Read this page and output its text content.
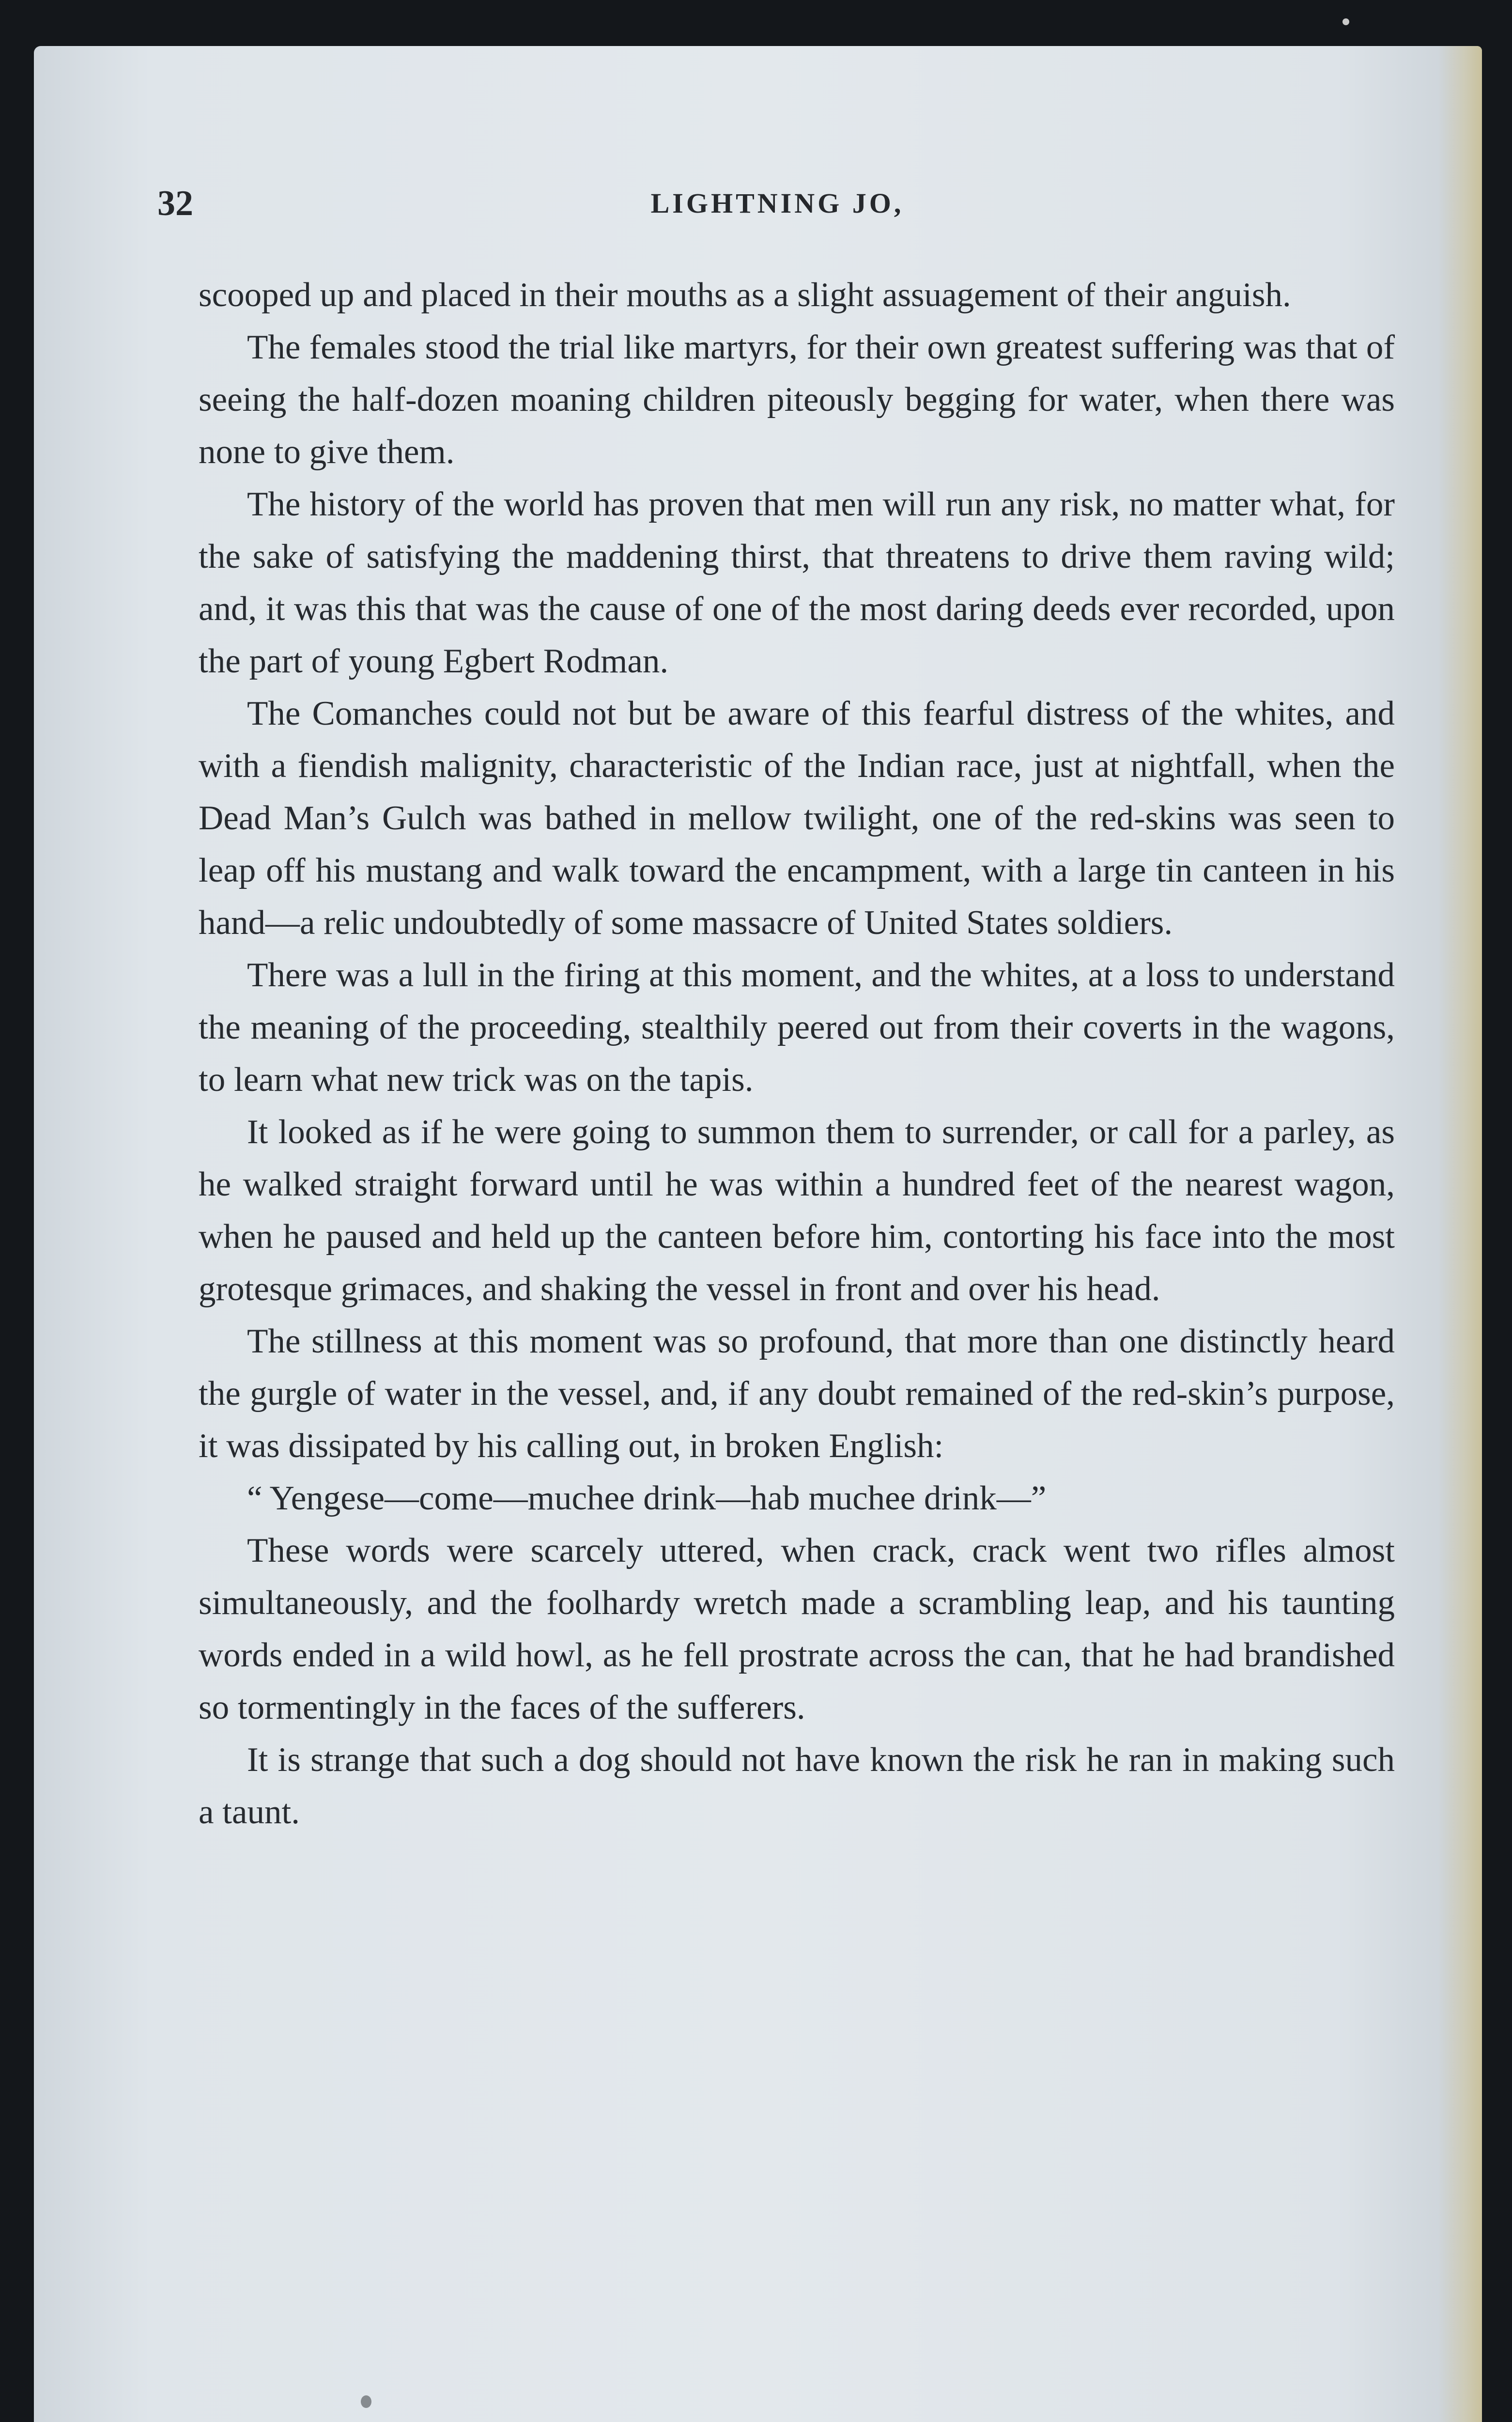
32	LIGHTNING JO,

scooped up and placed in their mouths as a slight assuagement of their anguish.

The females stood the trial like martyrs, for their own greatest suffering was that of seeing the half-dozen moaning children piteously begging for water, when there was none to give them.

The history of the world has proven that men will run any risk, no matter what, for the sake of satisfying the maddening thirst, that threatens to drive them raving wild; and, it was this that was the cause of one of the most daring deeds ever recorded, upon the part of young Egbert Rodman.

The Comanches could not but be aware of this fearful distress of the whites, and with a fiendish malignity, characteristic of the Indian race, just at nightfall, when the Dead Man’s Gulch was bathed in mellow twilight, one of the red-skins was seen to leap off his mustang and walk toward the encampment, with a large tin canteen in his hand—a relic undoubtedly of some massacre of United States soldiers.

There was a lull in the firing at this moment, and the whites, at a loss to understand the meaning of the proceeding, stealthily peered out from their coverts in the wagons, to learn what new trick was on the tapis.

It looked as if he were going to summon them to surrender, or call for a parley, as he walked straight forward until he was within a hundred feet of the nearest wagon, when he paused and held up the canteen before him, contorting his face into the most grotesque grimaces, and shaking the vessel in front and over his head.

The stillness at this moment was so profound, that more than one distinctly heard the gurgle of water in the vessel, and, if any doubt remained of the red-skin’s purpose, it was dissipated by his calling out, in broken English:

“ Yengese—come—muchee drink—hab muchee drink—”

These words were scarcely uttered, when crack, crack went two rifles almost simultaneously, and the foolhardy wretch made a scrambling leap, and his taunting words ended in a wild howl, as he fell prostrate across the can, that he had brandished so tormentingly in the faces of the sufferers.

It is strange that such a dog should not have known the risk he ran in making such a taunt.
